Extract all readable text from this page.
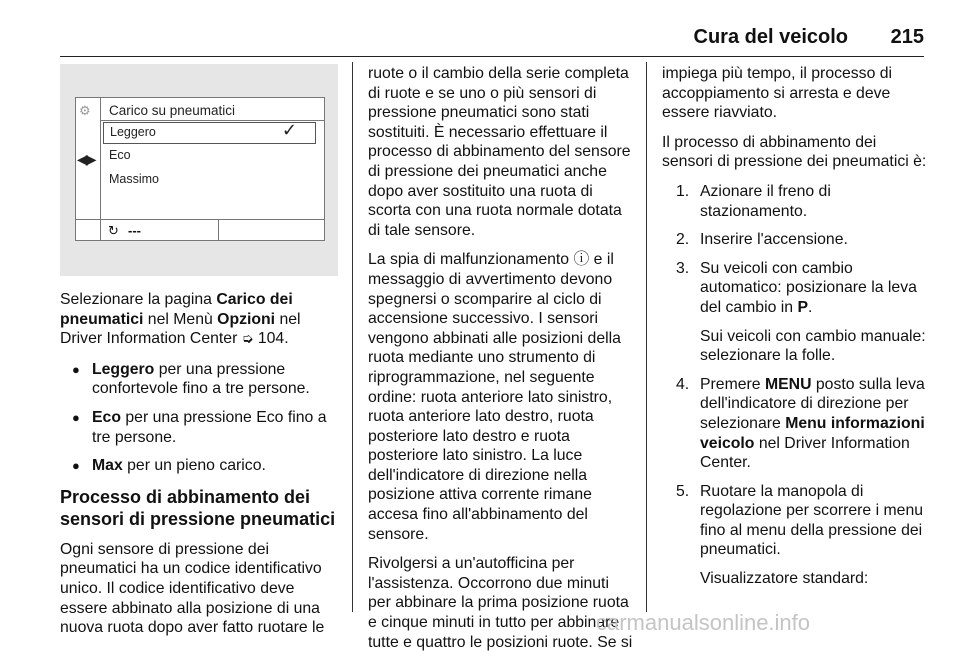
Cura del veicolo 215
⚙
◀▶
Carico su pneumatici
Leggero	✓
Eco
Massimo
↻ ---

Selezionare la pagina Carico dei pneumatici nel Menù Opzioni nel Driver Information Center ➭ 104.

● Leggero per una pressione confortevole fino a tre persone.
● Eco per una pressione Eco fino a tre persone.
● Max per un pieno carico.
Processo di abbinamento dei sensori di pressione pneumatici

Ogni sensore di pressione dei pneumatici ha un codice identificativo unico. Il codice identificativo deve essere abbinato alla posizione di una nuova ruota dopo aver fatto ruotare le

ruote o il cambio della serie completa di ruote e se uno o più sensori di pressione pneumatici sono stati sostituiti. È necessario effettuare il processo di abbinamento del sensore di pressione dei pneumatici anche dopo aver sostituito una ruota di scorta con una ruota normale dotata di tale sensore.

La spia di malfunzionamento ⓘ e il messaggio di avvertimento devono spegnersi o scomparire al ciclo di accensione successivo. I sensori vengono abbinati alle posizioni della ruota mediante uno strumento di riprogrammazione, nel seguente ordine: ruota anteriore lato sinistro, ruota anteriore lato destro, ruota posteriore lato destro e ruota posteriore lato sinistro. La luce dell'indicatore di direzione nella posizione attiva corrente rimane accesa fino all'abbinamento del sensore.

Rivolgersi a un'autofficina per l'assistenza. Occorrono due minuti per abbinare la prima posizione ruota e cinque minuti in tutto per abbinare tutte e quattro le posizioni ruote. Se si

impiega più tempo, il processo di accoppiamento si arresta e deve essere riavviato.

Il processo di abbinamento dei sensori di pressione dei pneumatici è:

1. Azionare il freno di stazionamento.
2. Inserire l'accensione.
3. Su veicoli con cambio automatico: posizionare la leva del cambio in P.
Sui veicoli con cambio manuale: selezionare la folle.
4. Premere MENU posto sulla leva dell'indicatore di direzione per selezionare Menu informazioni veicolo nel Driver Information Center.
5. Ruotare la manopola di regolazione per scorrere i menu fino al menu della pressione dei pneumatici.
Visualizzatore standard:
carmanualsonline.info
